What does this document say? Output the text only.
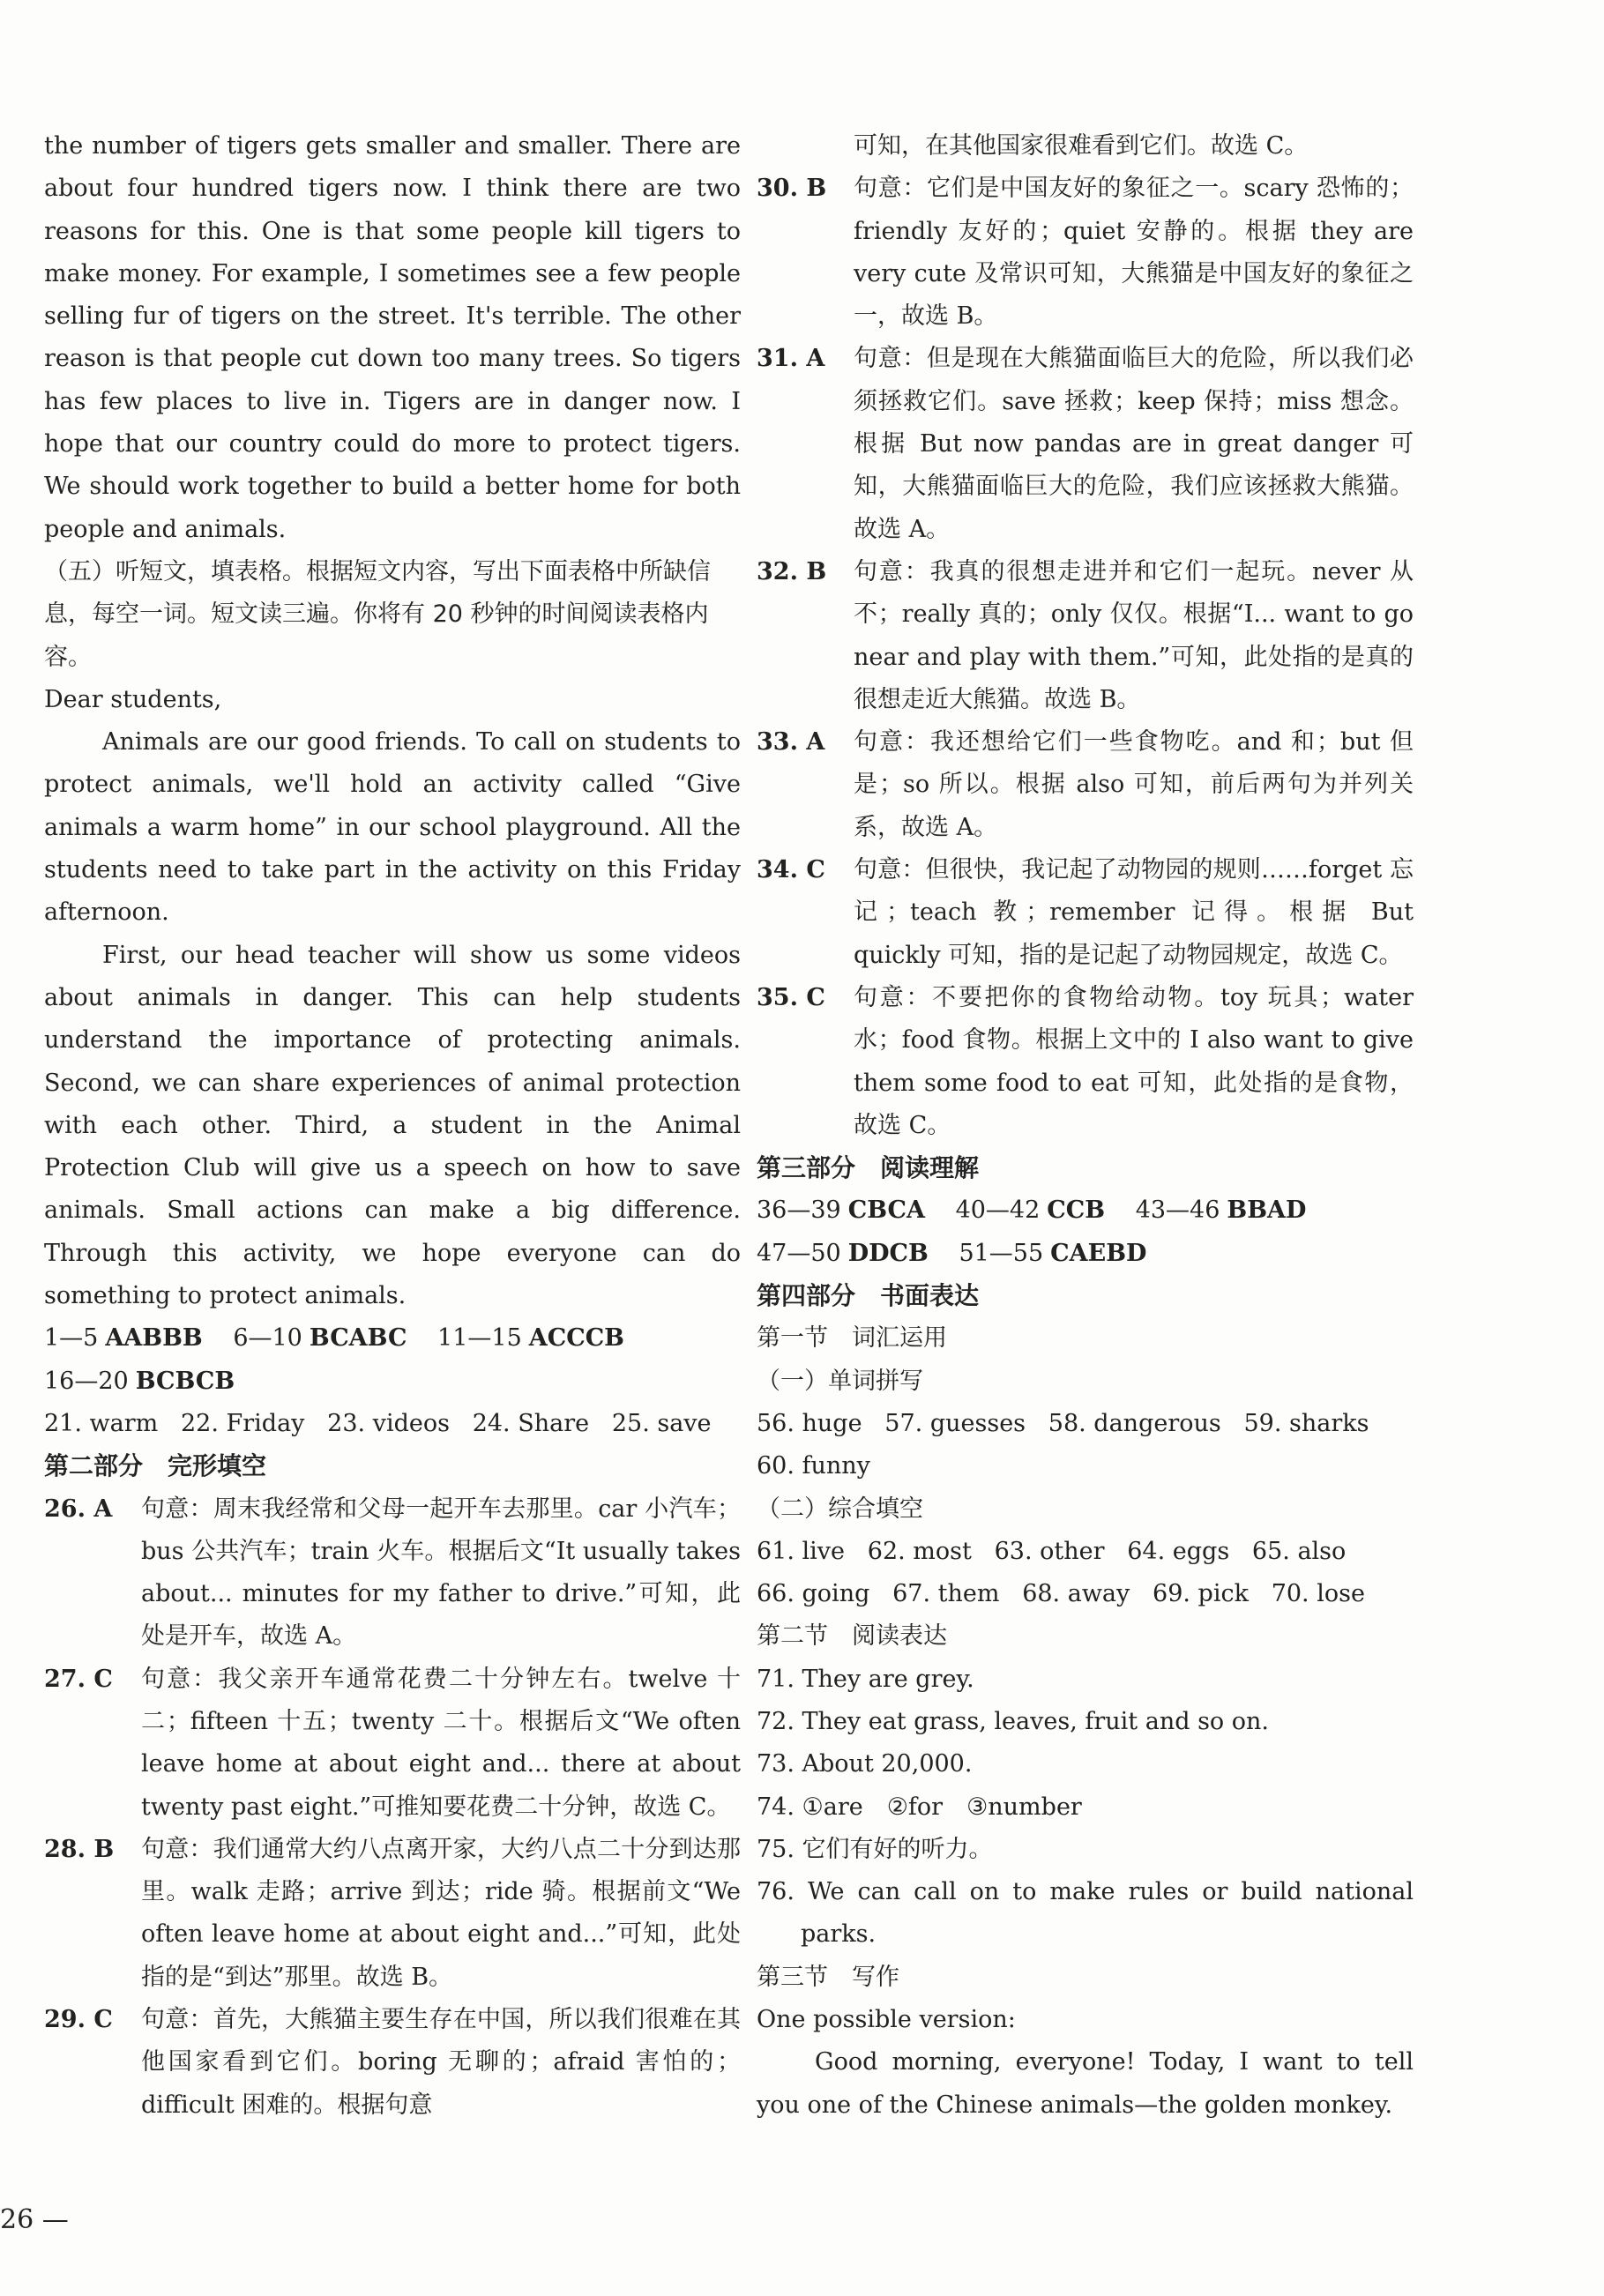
the number of tigers gets smaller and smaller. There are about four hundred tigers now. I think there are two reasons for this. One is that some people kill tigers to make money. For example, I sometimes see a few people selling fur of tigers on the street. It's terrible. The other reason is that people cut down too many trees. So tigers has few places to live in. Tigers are in danger now. I hope that our country could do more to protect tigers. We should work together to build a better home for both people and animals.

（五）听短文，填表格。根据短文内容，写出下面表格中所缺信息，每空一词。短文读三遍。你将有 20 秒钟的时间阅读表格内容。

Dear students,

Animals are our good friends. To call on students to protect animals, we'll hold an activity called “Give animals a warm home” in our school playground. All the students need to take part in the activity on this Friday afternoon.

First, our head teacher will show us some videos about animals in danger. This can help students understand the importance of protecting animals. Second, we can share experiences of animal protection with each other. Third, a student in the Animal Protection Club will give us a speech on how to save animals. Small actions can make a big difference. Through this activity, we hope everyone can do something to protect animals.

1—5 AABBB 6—10 BCABC 11—15 ACCCB

16—20 BCBCB

21. warm   22. Friday   23. videos   24. Share   25. save

第二部分　完形填空

26. A	句意：周末我经常和父母一起开车去那里。car 小汽车；bus 公共汽车；train 火车。根据后文“It usually takes about... minutes for my father to drive.”可知，此处是开车，故选 A。
27. C	句意：我父亲开车通常花费二十分钟左右。twelve 十二；fifteen 十五；twenty 二十。根据后文“We often leave home at about eight and... there at about twenty past eight.”可推知要花费二十分钟，故选 C。
28. B	句意：我们通常大约八点离开家，大约八点二十分到达那里。walk 走路；arrive 到达；ride 骑。根据前文“We often leave home at about eight and...”可知，此处指的是“到达”那里。故选 B。
29. C	句意：首先，大熊猫主要生存在中国，所以我们很难在其他国家看到它们。boring 无聊的；afraid 害怕的；difficult 困难的。根据句意

可知，在其他国家很难看到它们。故选 C。

30. B	句意：它们是中国友好的象征之一。scary 恐怖的；friendly 友好的；quiet 安静的。根据 they are very cute 及常识可知，大熊猫是中国友好的象征之一，故选 B。
31. A	句意：但是现在大熊猫面临巨大的危险，所以我们必须拯救它们。save 拯救；keep 保持；miss 想念。根据 But now pandas are in great danger 可知，大熊猫面临巨大的危险，我们应该拯救大熊猫。故选 A。
32. B	句意：我真的很想走进并和它们一起玩。never 从不；really 真的；only 仅仅。根据“I... want to go near and play with them.”可知，此处指的是真的很想走近大熊猫。故选 B。
33. A	句意：我还想给它们一些食物吃。and 和；but 但是；so 所以。根据 also 可知，前后两句为并列关系，故选 A。
34. C	句意：但很快，我记起了动物园的规则……forget 忘记；teach 教；remember 记得。根据 But quickly 可知，指的是记起了动物园规定，故选 C。
35. C	句意：不要把你的食物给动物。toy 玩具；water 水；food 食物。根据上文中的 I also want to give them some food to eat 可知，此处指的是食物，故选 C。

第三部分　阅读理解

36—39 CBCA 40—42 CCB 43—46 BBAD

47—50 DDCB 51—55 CAEBD

第四部分　书面表达

第一节　词汇运用

（一）单词拼写

56. huge   57. guesses   58. dangerous   59. sharks

60. funny

（二）综合填空

61. live   62. most   63. other   64. eggs   65. also

66. going   67. them   68. away   69. pick   70. lose

第二节　阅读表达

71. They are grey.

72. They eat grass, leaves, fruit and so on.

73. About 20,000.

74. ①are　②for　③number

75. 它们有好的听力。

76. We can call on to make rules or build national parks.

第三节　写作

One possible version:

Good morning, everyone! Today, I want to tell you one of the Chinese animals—the golden monkey.

26 —
